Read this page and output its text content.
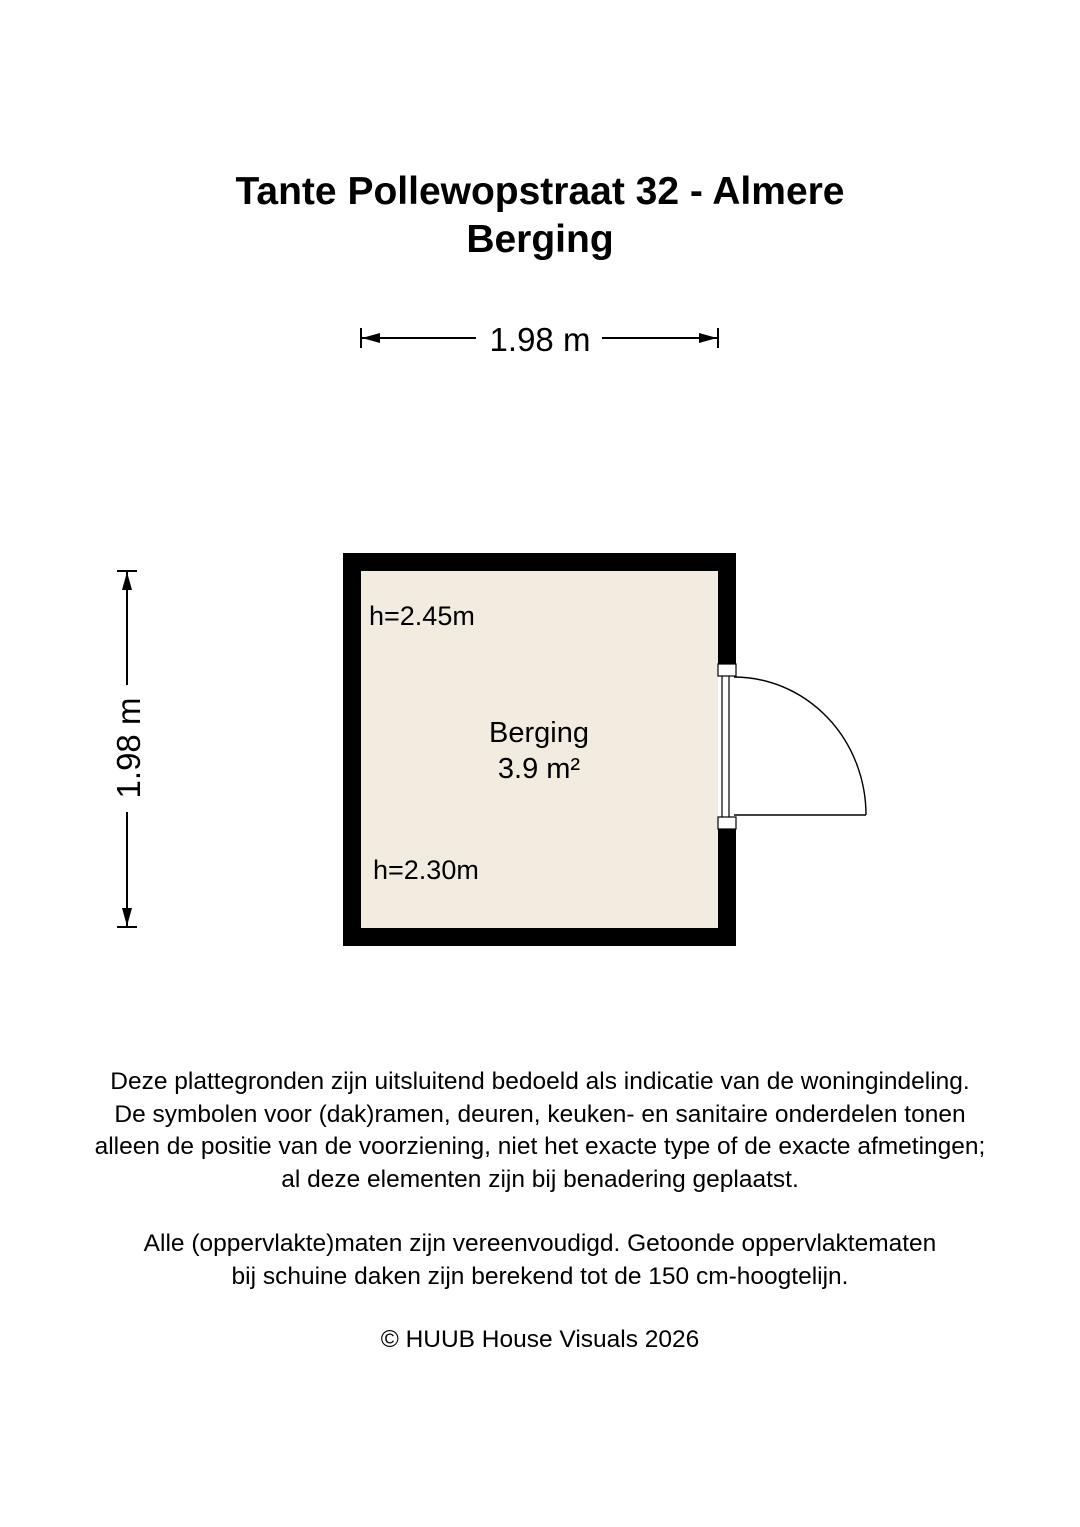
Tante Pollewopstraat 32 - Almere
Berging
1.98 m
1.98 m
h=2.45m
Berging
3.9 m²
h=2.30m
Deze plattegronden zijn uitsluitend bedoeld als indicatie van de woningindeling.
De symbolen voor (dak)ramen, deuren, keuken- en sanitaire onderdelen tonen
alleen de positie van de voorziening, niet het exacte type of de exacte afmetingen;
al deze elementen zijn bij benadering geplaatst.
Alle (oppervlakte)maten zijn vereenvoudigd. Getoonde oppervlaktematen
bij schuine daken zijn berekend tot de 150 cm-hoogtelijn.
© HUUB House Visuals 2026
